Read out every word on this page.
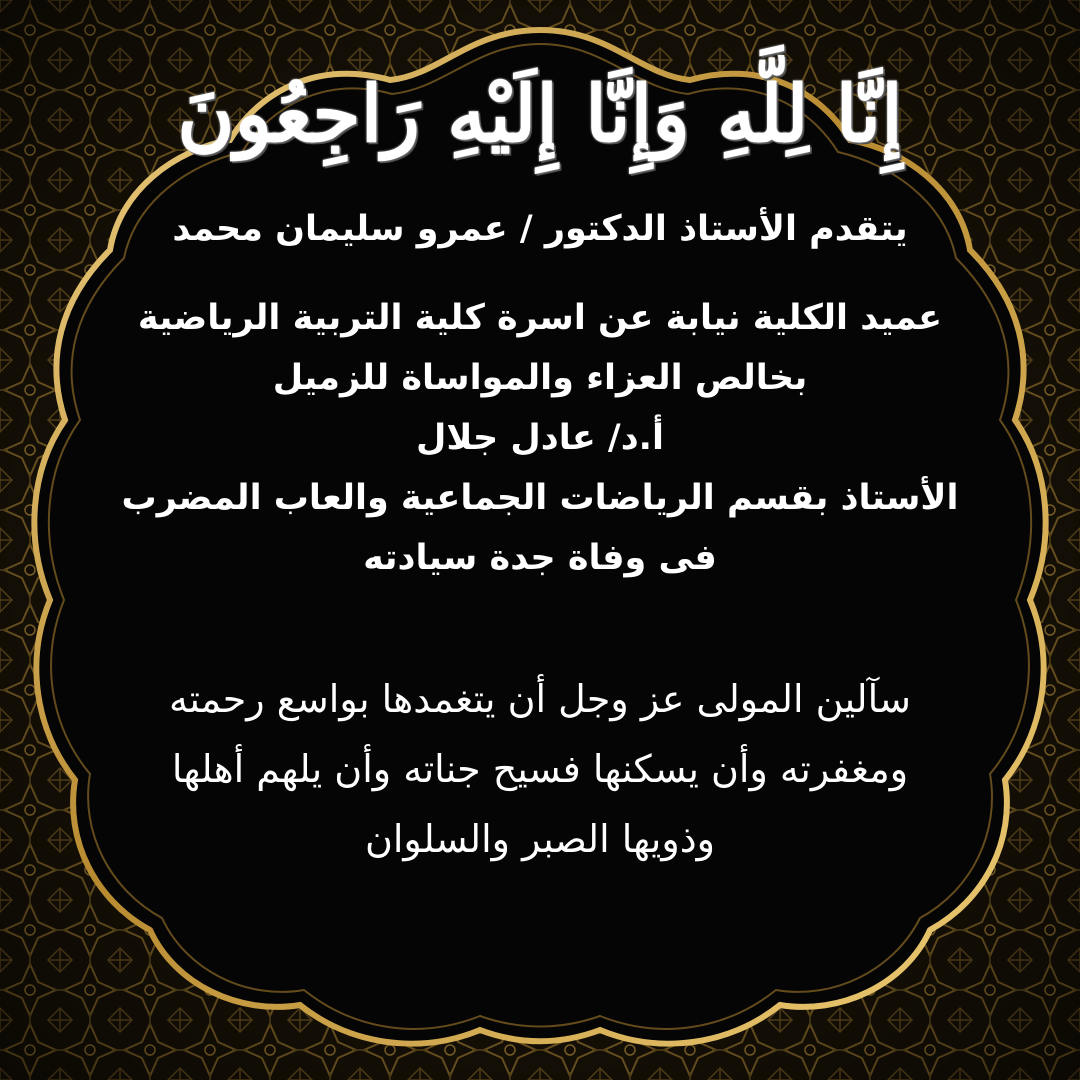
إِنَّا لِلَّهِ وَإِنَّا إِلَيْهِ رَاجِعُونَ
يتقدم الأستاذ الدكتور / عمرو سليمان محمد
عميد الكلية نيابة عن اسرة كلية التربية الرياضية
بخالص العزاء والمواساة للزميل
أ.د/ عادل جلال
الأستاذ بقسم الرياضات الجماعية والعاب المضرب
فى وفاة جدة سيادته
سآلين المولى عز وجل أن يتغمدها بواسع رحمته
ومغفرته وأن يسكنها فسيح جناته وأن يلهم أهلها
وذويها الصبر والسلوان
